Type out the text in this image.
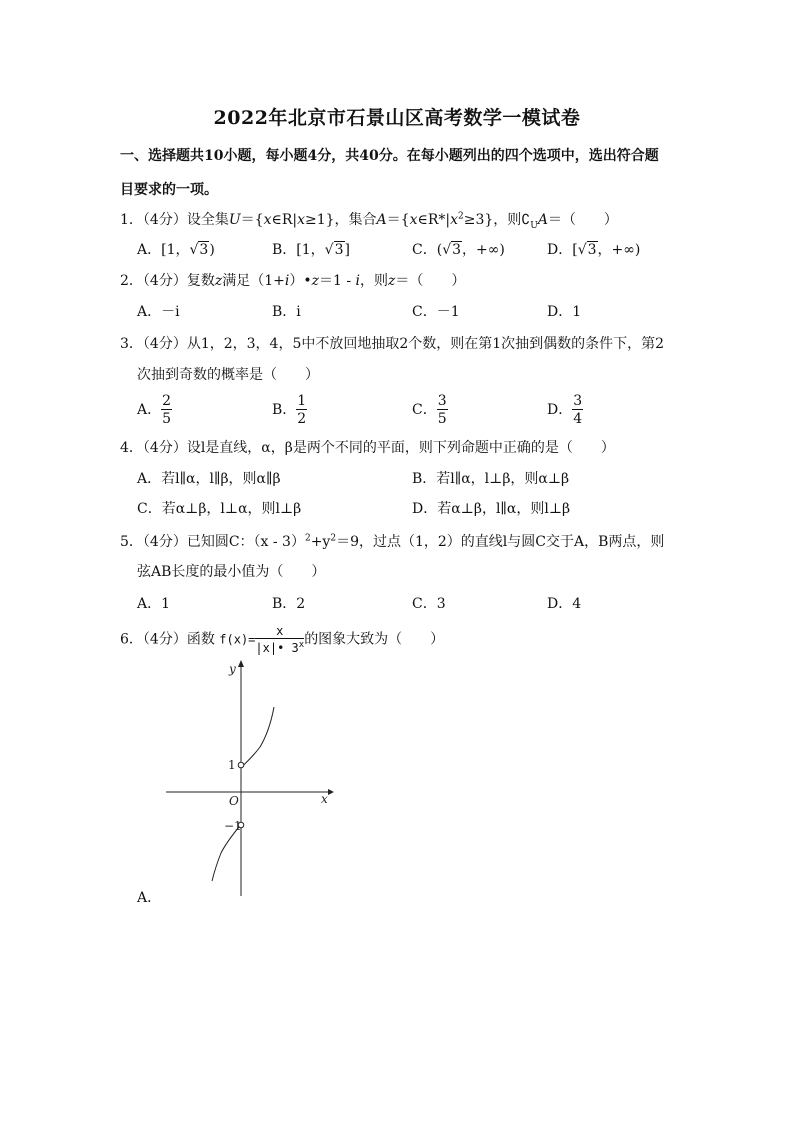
2022年北京市石景山区高考数学一模试卷
一、选择题共10小题，每小题4分，共40分。在每小题列出的四个选项中，选出符合题
目要求的一项。
1．（4分）设全集U＝{x∈R|x≥1}，集合$A=\{x\in R*|x^2\ge 3\}$，则$∁_UA=$（　　）
A．[1，√3)	B．[1，√3]	C．(√3，+∞)	D．[√3，+∞)
2．（4分）复数z满足（1+i）•z＝1 - i，则z＝（　　）
A．－i	B．i	C．－1	D．1
3．（4分）从1，2，3，4，5中不放回地抽取2个数，则在第1次抽到偶数的条件下，第2
次抽到奇数的概率是（　　）
A． $\frac{2}{5}$	B． $\frac{1}{2}$	C． $\frac{3}{5}$	D． $\frac{3}{4}$
4．（4分）设l是直线，α，β是两个不同的平面，则下列命题中正确的是（　　）
A．若l∥α，l∥β，则α∥β	B．若l∥α，l⊥β，则α⊥β
C．若α⊥β，l⊥α，则l⊥β	D．若α⊥β，l∥α，则l⊥β
5．（4分）已知圆C：$(x - 3)^2+y^2=9$，过点（1，2）的直线l与圆C交于A，B两点，则
弦AB长度的最小值为（　　）
A．1	B．2	C．3	D．4
6．（4分）函数 $f(x)= \frac{x}{|x|• 3^x}$ 的图象大致为（　　）
y
x
O
1
−1
A．
